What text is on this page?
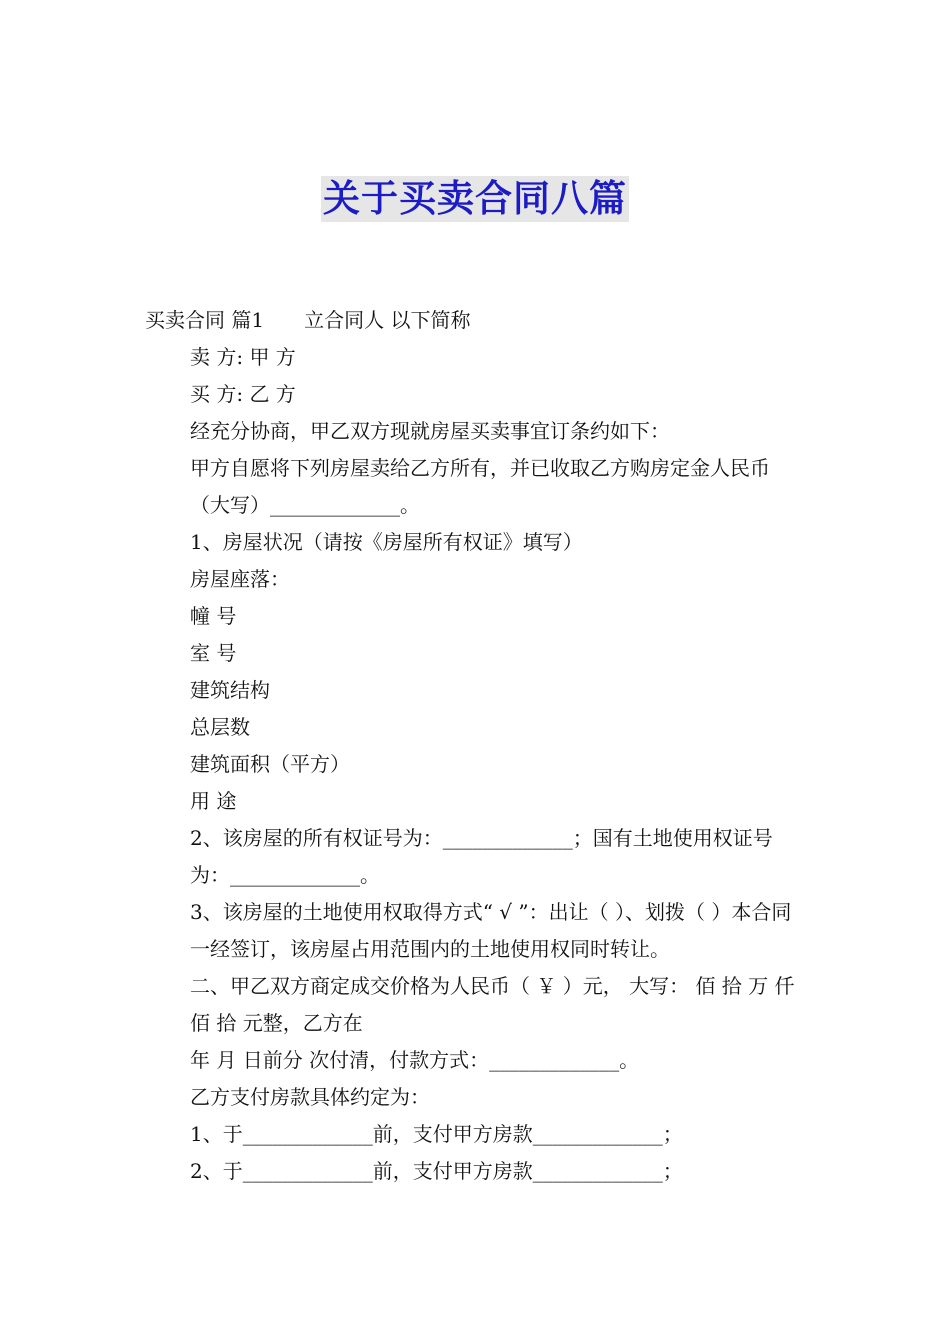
关于买卖合同八篇

买卖合同 篇1 立合同人 以下简称

卖 方: 甲 方

买 方: 乙 方

经充分协商，甲乙双方现就房屋买卖事宜订条约如下：

甲方自愿将下列房屋卖给乙方所有，并已收取乙方购房定金人民币（大写）_____________。

1、房屋状况（请按《房屋所有权证》填写）

房屋座落：

幢 号

室 号

建筑结构

总层数

建筑面积（平方）

用 途

2、该房屋的所有权证号为：_____________；国有土地使用权证号为：_____________。

3、该房屋的土地使用权取得方式“ √ ”：出让（ ）、划拨（ ）本合同一经签订，该房屋占用范围内的土地使用权同时转让。

二、甲乙双方商定成交价格为人民币（ ￥ ）元， 大写： 佰 拾 万 仟 佰 拾 元整，乙方在

年 月 日前分 次付清，付款方式：_____________。

乙方支付房款具体约定为：

1、于_____________前，支付甲方房款_____________；

2、于_____________前，支付甲方房款_____________；
